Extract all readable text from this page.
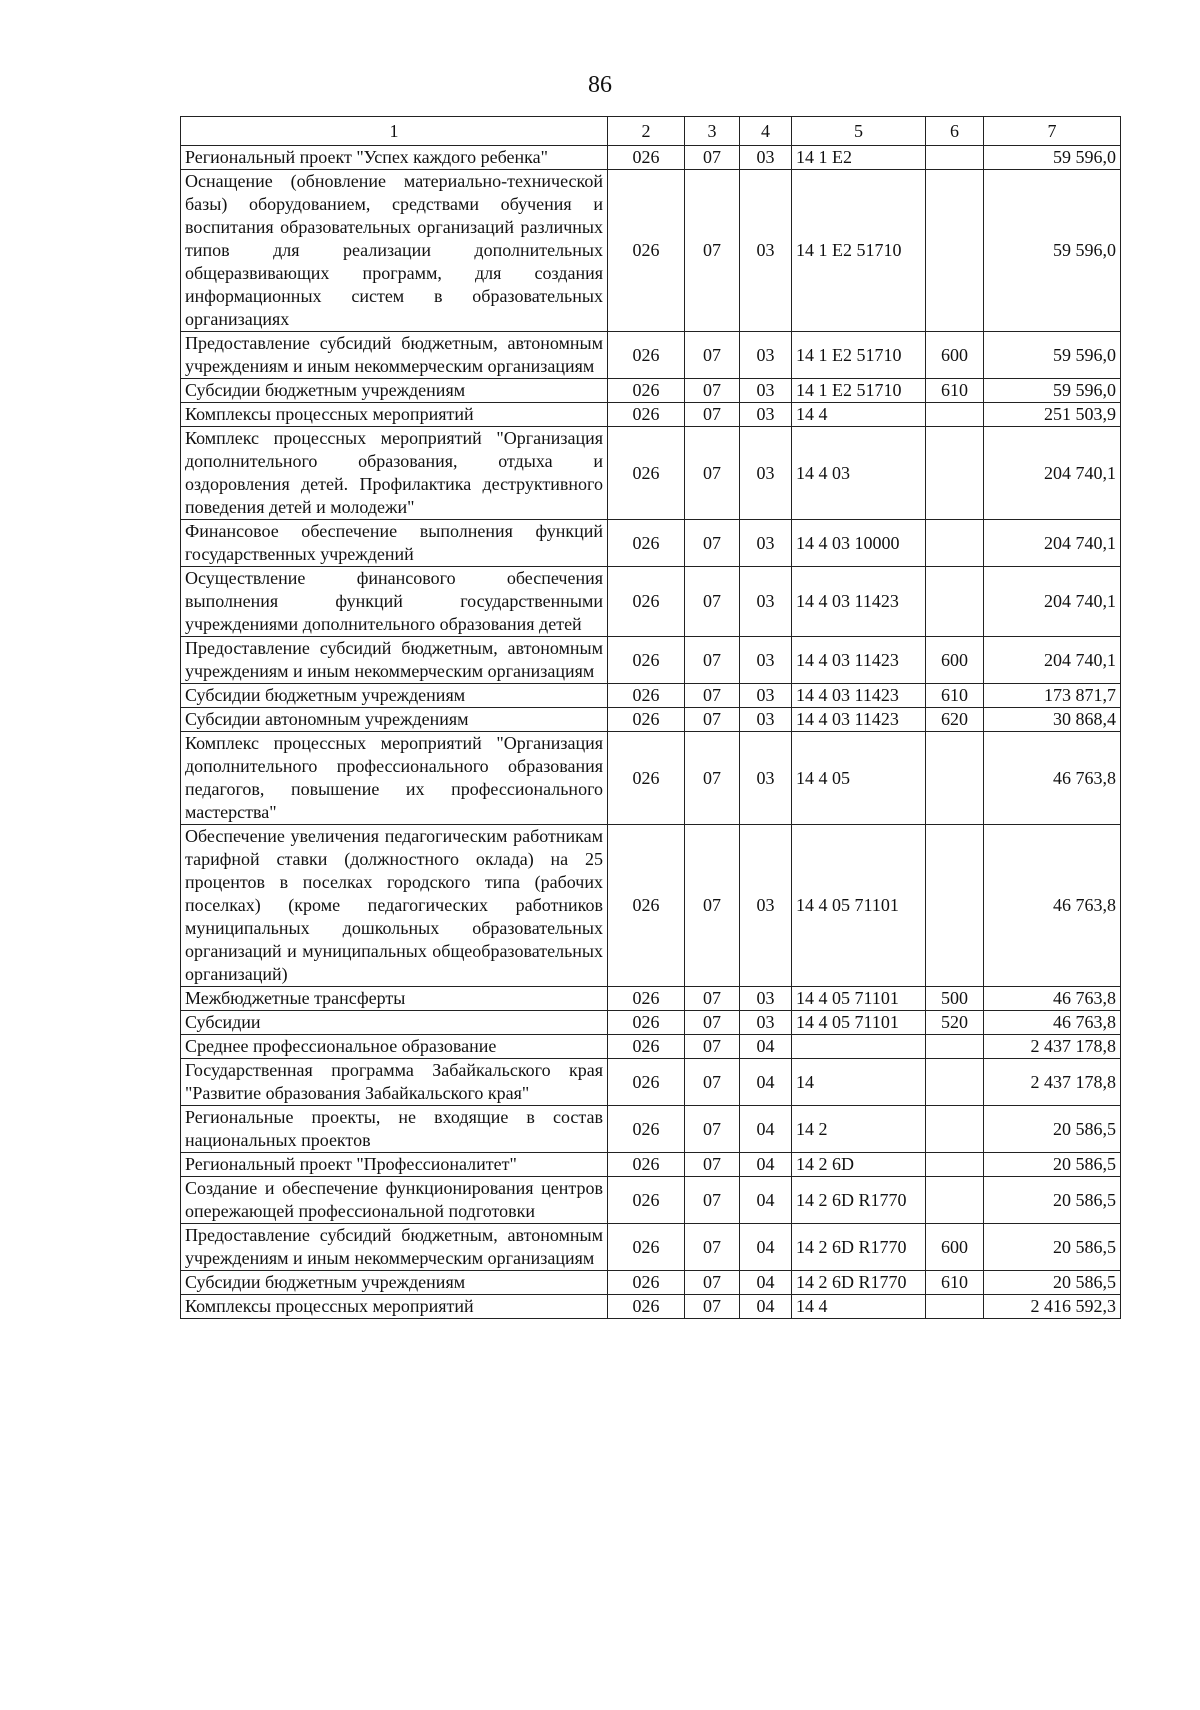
86
1	2	3	4	5	6	7
Региональный проект "Успех каждого ребенка"	026	07	03	14 1 E2		59 596,0
Оснащение (обновление материально-технической базы) оборудованием, средствами обучения и воспитания образовательных организаций различных типов для реализации дополнительных общеразвивающих программ, для создания информационных систем в образовательных организациях	026	07	03	14 1 E2 51710		59 596,0
Предоставление субсидий бюджетным, автономным учреждениям и иным некоммерческим организациям	026	07	03	14 1 E2 51710	600	59 596,0
Субсидии бюджетным учреждениям	026	07	03	14 1 E2 51710	610	59 596,0
Комплексы процессных мероприятий	026	07	03	14 4		251 503,9
Комплекс процессных мероприятий "Организация дополнительного образования, отдыха и оздоровления детей. Профилактика деструктивного поведения детей и молодежи"	026	07	03	14 4 03		204 740,1
Финансовое обеспечение выполнения функций государственных учреждений	026	07	03	14 4 03 10000		204 740,1
Осуществление финансового обеспечения выполнения функций государственными учреждениями дополнительного образования детей	026	07	03	14 4 03 11423		204 740,1
Предоставление субсидий бюджетным, автономным учреждениям и иным некоммерческим организациям	026	07	03	14 4 03 11423	600	204 740,1
Субсидии бюджетным учреждениям	026	07	03	14 4 03 11423	610	173 871,7
Субсидии автономным учреждениям	026	07	03	14 4 03 11423	620	30 868,4
Комплекс процессных мероприятий "Организация дополнительного профессионального образования педагогов, повышение их профессионального мастерства"	026	07	03	14 4 05		46 763,8
Обеспечение увеличения педагогическим работникам тарифной ставки (должностного оклада) на 25 процентов в поселках городского типа (рабочих поселках) (кроме педагогических работников муниципальных дошкольных образовательных организаций и муниципальных общеобразовательных организаций)	026	07	03	14 4 05 71101		46 763,8
Межбюджетные трансферты	026	07	03	14 4 05 71101	500	46 763,8
Субсидии	026	07	03	14 4 05 71101	520	46 763,8
Среднее профессиональное образование	026	07	04			2 437 178,8
Государственная программа Забайкальского края "Развитие образования Забайкальского края"	026	07	04	14		2 437 178,8
Региональные проекты, не входящие в состав национальных проектов	026	07	04	14 2		20 586,5
Региональный проект "Профессионалитет"	026	07	04	14 2 6D		20 586,5
Создание и обеспечение функционирования центров опережающей профессиональной подготовки	026	07	04	14 2 6D R1770		20 586,5
Предоставление субсидий бюджетным, автономным учреждениям и иным некоммерческим организациям	026	07	04	14 2 6D R1770	600	20 586,5
Субсидии бюджетным учреждениям	026	07	04	14 2 6D R1770	610	20 586,5
Комплексы процессных мероприятий	026	07	04	14 4		2 416 592,3
